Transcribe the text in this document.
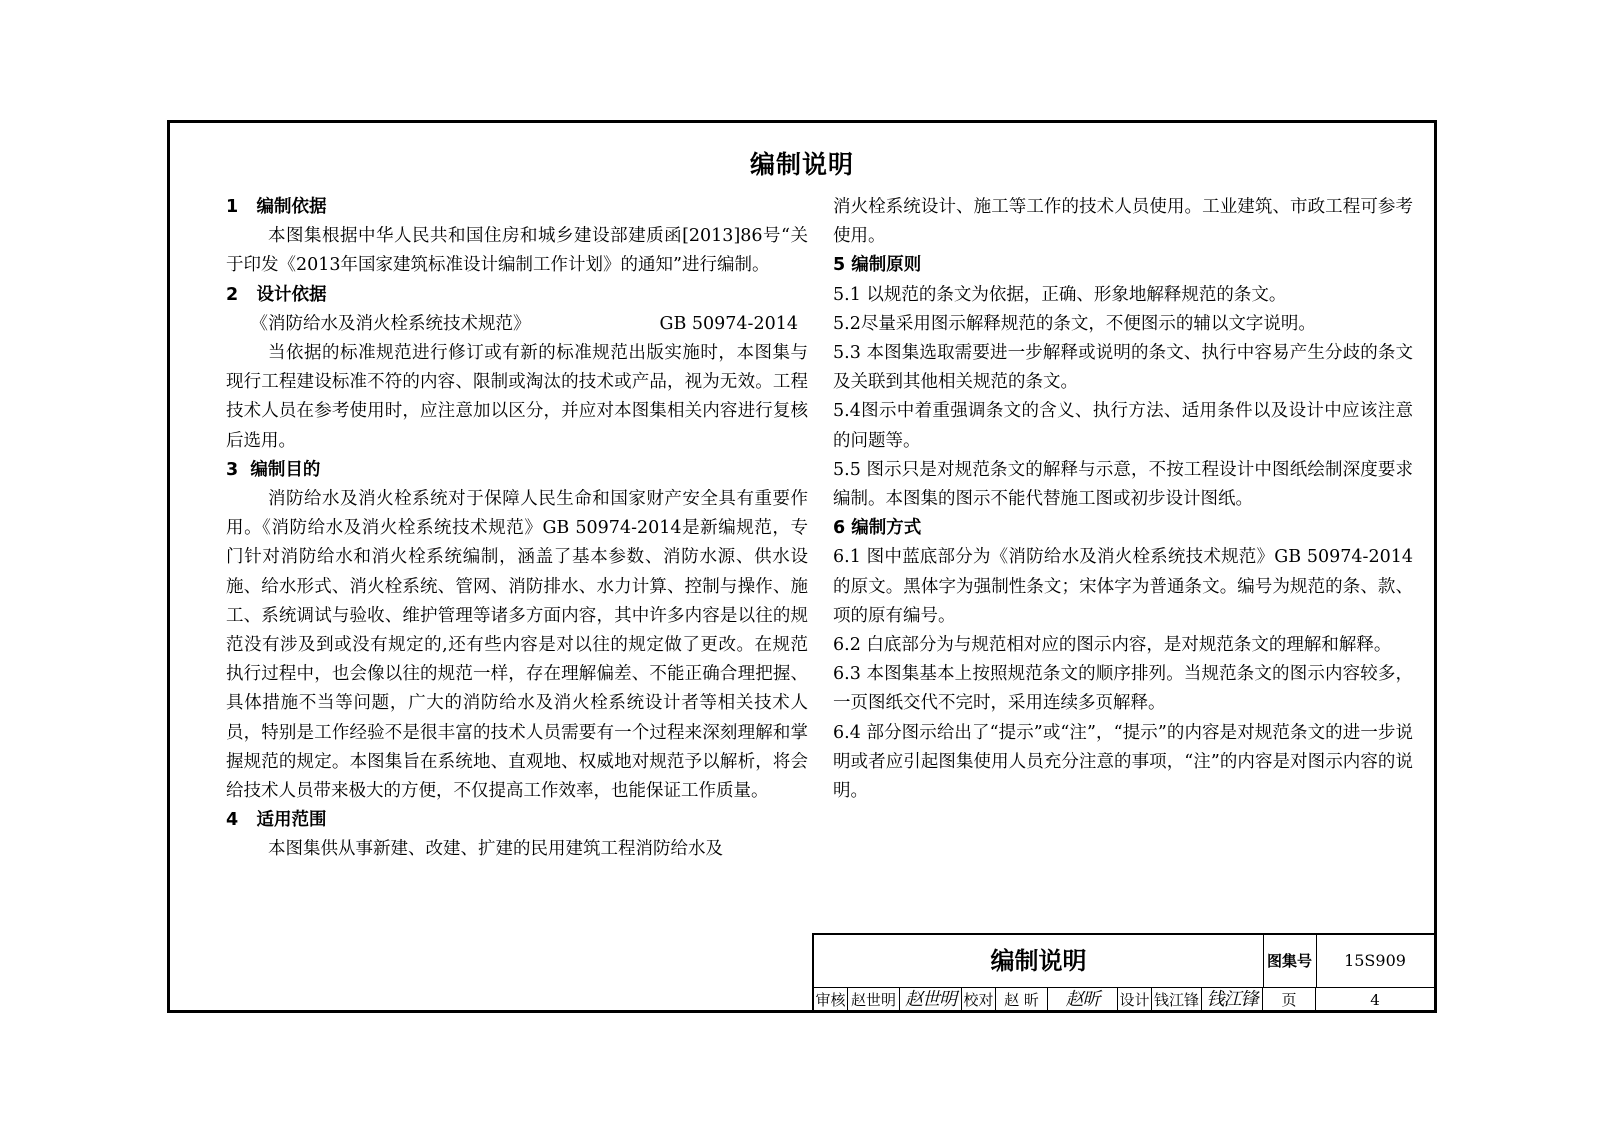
编制说明
1   编制依据
本图集根据中华人民共和国住房和城乡建设部建质函[2013]86号“关于印发《2013年国家建筑标准设计编制工作计划》的通知”进行编制。
2   设计依据
《消防给水及消火栓系统技术规范》	GB 50974-2014
当依据的标准规范进行修订或有新的标准规范出版实施时，本图集与现行工程建设标准不符的内容、限制或淘汰的技术或产品，视为无效。工程技术人员在参考使用时，应注意加以区分，并应对本图集相关内容进行复核后选用。
3  编制目的
消防给水及消火栓系统对于保障人民生命和国家财产安全具有重要作用。《消防给水及消火栓系统技术规范》GB 50974-2014是新编规范，专门针对消防给水和消火栓系统编制，涵盖了基本参数、消防水源、供水设施、给水形式、消火栓系统、管网、消防排水、水力计算、控制与操作、施工、系统调试与验收、维护管理等诸多方面内容，其中许多内容是以往的规范没有涉及到或没有规定的,还有些内容是对以往的规定做了更改。在规范执行过程中，也会像以往的规范一样，存在理解偏差、不能正确合理把握、具体措施不当等问题，广大的消防给水及消火栓系统设计者等相关技术人员，特别是工作经验不是很丰富的技术人员需要有一个过程来深刻理解和掌握规范的规定。本图集旨在系统地、直观地、权威地对规范予以解析，将会给技术人员带来极大的方便，不仅提高工作效率，也能保证工作质量。
4   适用范围
本图集供从事新建、改建、扩建的民用建筑工程消防给水及
消火栓系统设计、施工等工作的技术人员使用。工业建筑、市政工程可参考使用。
5 编制原则
5.1 以规范的条文为依据，正确、形象地解释规范的条文。
5.2尽量采用图示解释规范的条文，不便图示的辅以文字说明。
5.3 本图集选取需要进一步解释或说明的条文、执行中容易产生分歧的条文及关联到其他相关规范的条文。
5.4图示中着重强调条文的含义、执行方法、适用条件以及设计中应该注意的问题等。
5.5 图示只是对规范条文的解释与示意，不按工程设计中图纸绘制深度要求编制。本图集的图示不能代替施工图或初步设计图纸。
6 编制方式
6.1 图中蓝底部分为《消防给水及消火栓系统技术规范》GB 50974-2014的原文。黑体字为强制性条文；宋体字为普通条文。编号为规范的条、款、项的原有编号。
6.2 白底部分为与规范相对应的图示内容，是对规范条文的理解和解释。
6.3 本图集基本上按照规范条文的顺序排列。当规范条文的图示内容较多，一页图纸交代不完时，采用连续多页解释。
6.4 部分图示给出了“提示”或“注”，“提示”的内容是对规范条文的进一步说明或者应引起图集使用人员充分注意的事项，“注”的内容是对图示内容的说明。
编制说明	图集号	15S909
审核 赵世明 赵世明 校对 赵 昕	赵昕	设计 钱江锋 钱江锋	页	4
